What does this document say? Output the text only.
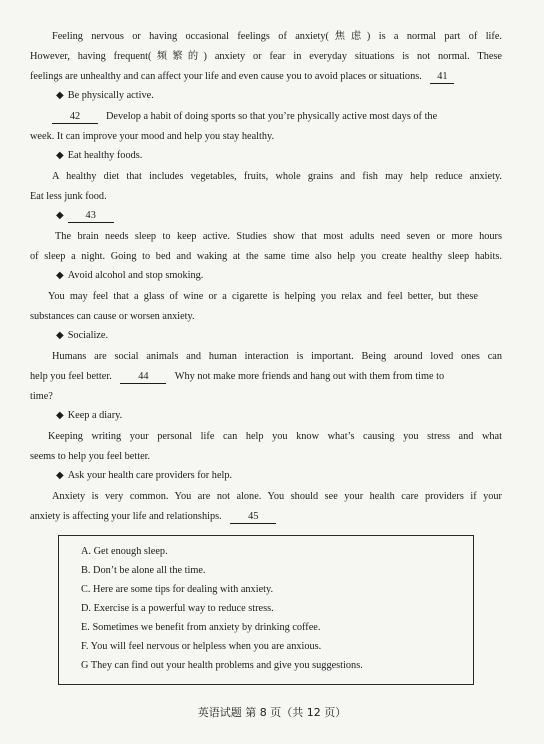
Feeling nervous or having occasional feelings of anxiety(焦虑) is a normal part of life.
However, having frequent(频繁的) anxiety or fear in everyday situations is not normal. These
feelings are unhealthy and can affect your life and even cause you to avoid places or situations. 41
◆ Be physically active.
42	Develop a habit of doing sports so that you’re physically active most days of the
week. It can improve your mood and help you stay healthy.
◆ Eat healthy foods.
A healthy diet that includes vegetables, fruits, whole grains and fish may help reduce anxiety.
Eat less junk food.
◆ 43
The brain needs sleep to keep active. Studies show that most adults need seven or more hours
of sleep a night. Going to bed and waking at the same time also help you create healthy sleep habits.
◆ Avoid alcohol and stop smoking.
You may feel that a glass of wine or a cigarette is helping you relax and feel better, but these
substances can cause or worsen anxiety.
◆ Socialize.
Humans are social animals and human interaction is important. Being around loved ones can
help you feel better.	44	Why not make more friends and hang out with them from time to
time?
◆ Keep a diary.
Keeping writing your personal life can help you know what’s causing you stress and what
seems to help you feel better.
◆ Ask your health care providers for help.
Anxiety is very common. You are not alone. You should see your health care providers if your
anxiety is affecting your life and relationships.	45
A. Get enough sleep.
B. Don’t be alone all the time.
C. Here are some tips for dealing with anxiety.
D. Exercise is a powerful way to reduce stress.
E. Sometimes we benefit from anxiety by drinking coffee.
F. You will feel nervous or helpless when you are anxious.
G They can find out your health problems and give you suggestions.
英语试题 第 8 页（共 12 页）
